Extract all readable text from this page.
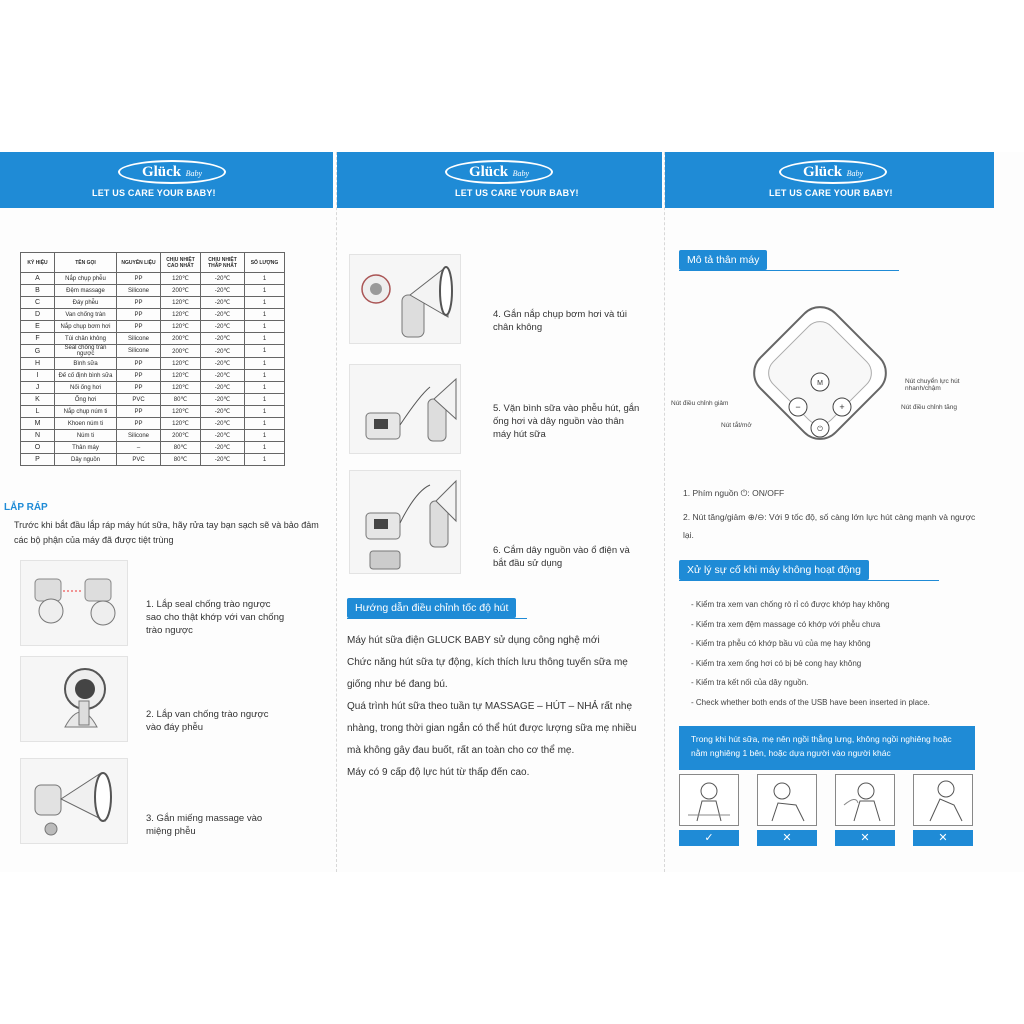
Glück Baby
LET US CARE YOUR BABY!
KÝ HIỆU	TÊN GỌI	NGUYÊN LIỆU	CHỊU NHIỆT CAO NHẤT	CHỊU NHIỆT THẤP NHẤT	SỐ LƯỢNG
A	Nắp chụp phễu	PP	120℃	-20℃	1
B	Đệm massage	Silicone	200℃	-20℃	1
C	Đáy phễu	PP	120℃	-20℃	1
D	Van chống tràn	PP	120℃	-20℃	1
E	Nắp chụp bơm hơi	PP	120℃	-20℃	1
F	Túi chân không	Silicone	200℃	-20℃	1
G	Seal chống tràn ngược	Silicone	200℃	-20℃	1
H	Bình sữa	PP	120℃	-20℃	1
I	Đế cố định bình sữa	PP	120℃	-20℃	1
J	Nối ống hơi	PP	120℃	-20℃	1
K	Ống hơi	PVC	80℃	-20℃	1
L	Nắp chụp núm ti	PP	120℃	-20℃	1
M	Khoen núm ti	PP	120℃	-20℃	1
N	Núm ti	Silicone	200℃	-20℃	1
O	Thân máy	–	80℃	-20℃	1
P	Dây nguồn	PVC	80℃	-20℃	1
LẮP RÁP
Trước khi bắt đầu lắp ráp máy hút sữa, hãy rửa tay bạn sạch sẽ và bảo đảm các bộ phận của máy đã được tiệt trùng
1. Lắp seal chống trào ngược sao cho thật khớp với van chống trào ngược
2. Lắp van chống trào ngược vào đáy phễu
3. Gắn miếng massage vào miệng phễu
Glück Baby
LET US CARE YOUR BABY!
4. Gắn nắp chụp bơm hơi và túi chân không
5. Vặn bình sữa vào phễu hút, gắn ống hơi và dây nguồn vào thân máy hút sữa
6. Cắm dây nguồn vào ổ điện và bắt đầu sử dụng
Hướng dẫn điều chỉnh tốc độ hút
Máy hút sữa điện GLUCK BABY sử dụng công nghệ mới
Chức năng hút sữa tự động, kích thích lưu thông tuyến sữa mẹ giống như bé đang bú.
Quá trình hút sữa theo tuần tự MASSAGE – HÚT – NHẢ rất nhẹ nhàng, trong thời gian ngắn có thể hút được lượng sữa mẹ nhiều mà không gây đau buốt, rất an toàn cho cơ thể mẹ.
Máy có 9 cấp độ lực hút từ thấp đến cao.
Glück Baby
LET US CARE YOUR BABY!
Mô tả thân máy
M
−	+
⏻
Nút chuyển lực hút nhanh/chậm
Nút điều chỉnh giảm
Nút điều chỉnh tăng
Nút tắt/mở
1. Phím nguồn ⏻: ON/OFF
2. Nút tăng/giảm ⊕/⊖: Với 9 tốc độ, số càng lớn lực hút càng mạnh và ngược lại.
Xử lý sự cố khi máy không hoạt động
- Kiểm tra xem van chống rò rỉ có được khớp hay không
- Kiểm tra xem đệm massage có khớp với phễu chưa
- Kiểm tra phễu có khớp bầu vú của mẹ hay không
- Kiểm tra xem ống hơi có bị bẻ cong hay không
- Kiểm tra kết nối của dây nguồn.
- Check whether both ends of the USB have been inserted in place.
Trong khi hút sữa, mẹ nên ngồi thẳng lưng, không ngồi nghiêng hoặc nằm nghiêng 1 bên, hoặc dựa người vào người khác
✓	✕	✕	✕
